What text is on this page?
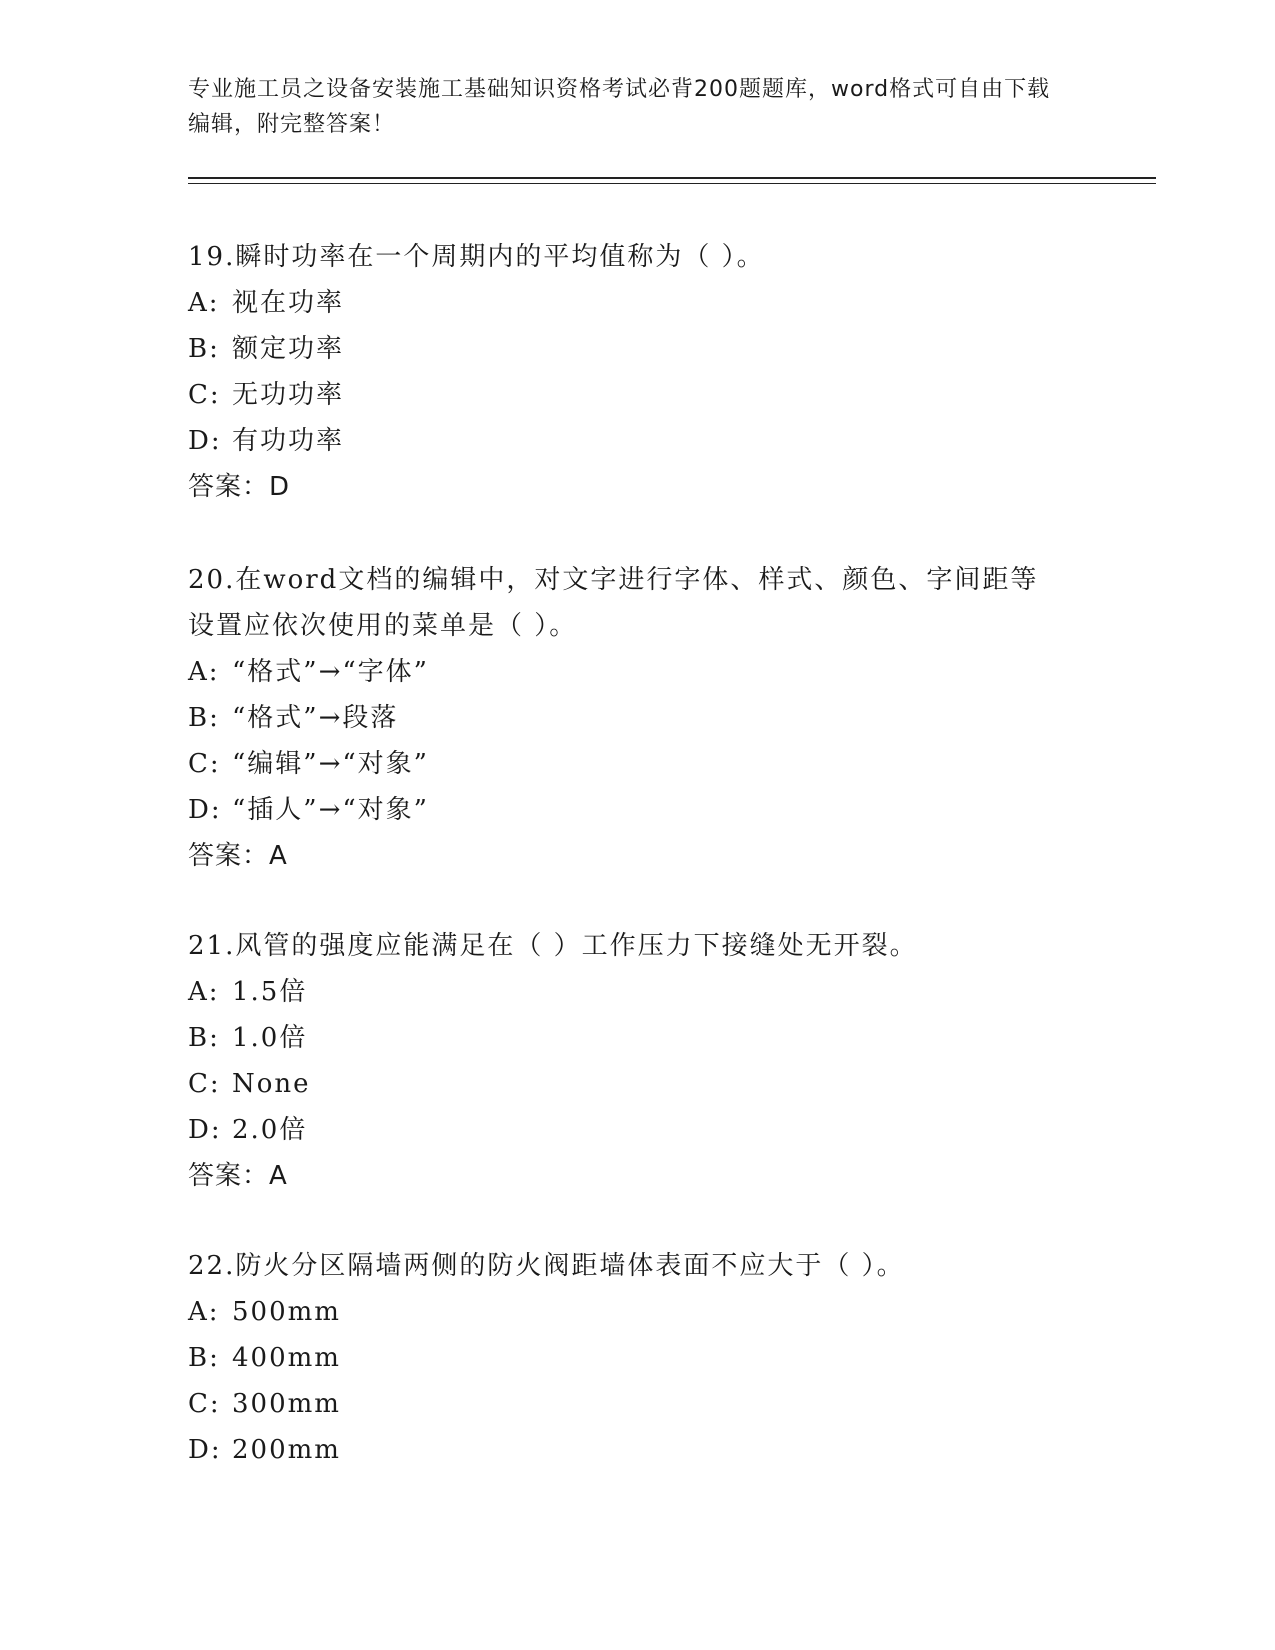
专业施工员之设备安装施工基础知识资格考试必背200题题库，word格式可自由下载编辑，附完整答案！

19.瞬时功率在一个周期内的平均值称为（ ）。

A: 视在功率

B: 额定功率

C: 无功功率

D: 有功功率

答案：D

20.在word文档的编辑中，对文字进行字体、样式、颜色、字间距等设置应依次使用的菜单是（ ）。

A: “格式”→“字体”

B: “格式”→段落

C: “编辑”→“对象”

D: “插人”→“对象”

答案：A

21.风管的强度应能满足在（ ）工作压力下接缝处无开裂。

A: 1.5倍

B: 1.0倍

C: None

D: 2.0倍

答案：A

22.防火分区隔墙两侧的防火阀距墙体表面不应大于（ ）。

A: 500mm

B: 400mm

C: 300mm

D: 200mm
